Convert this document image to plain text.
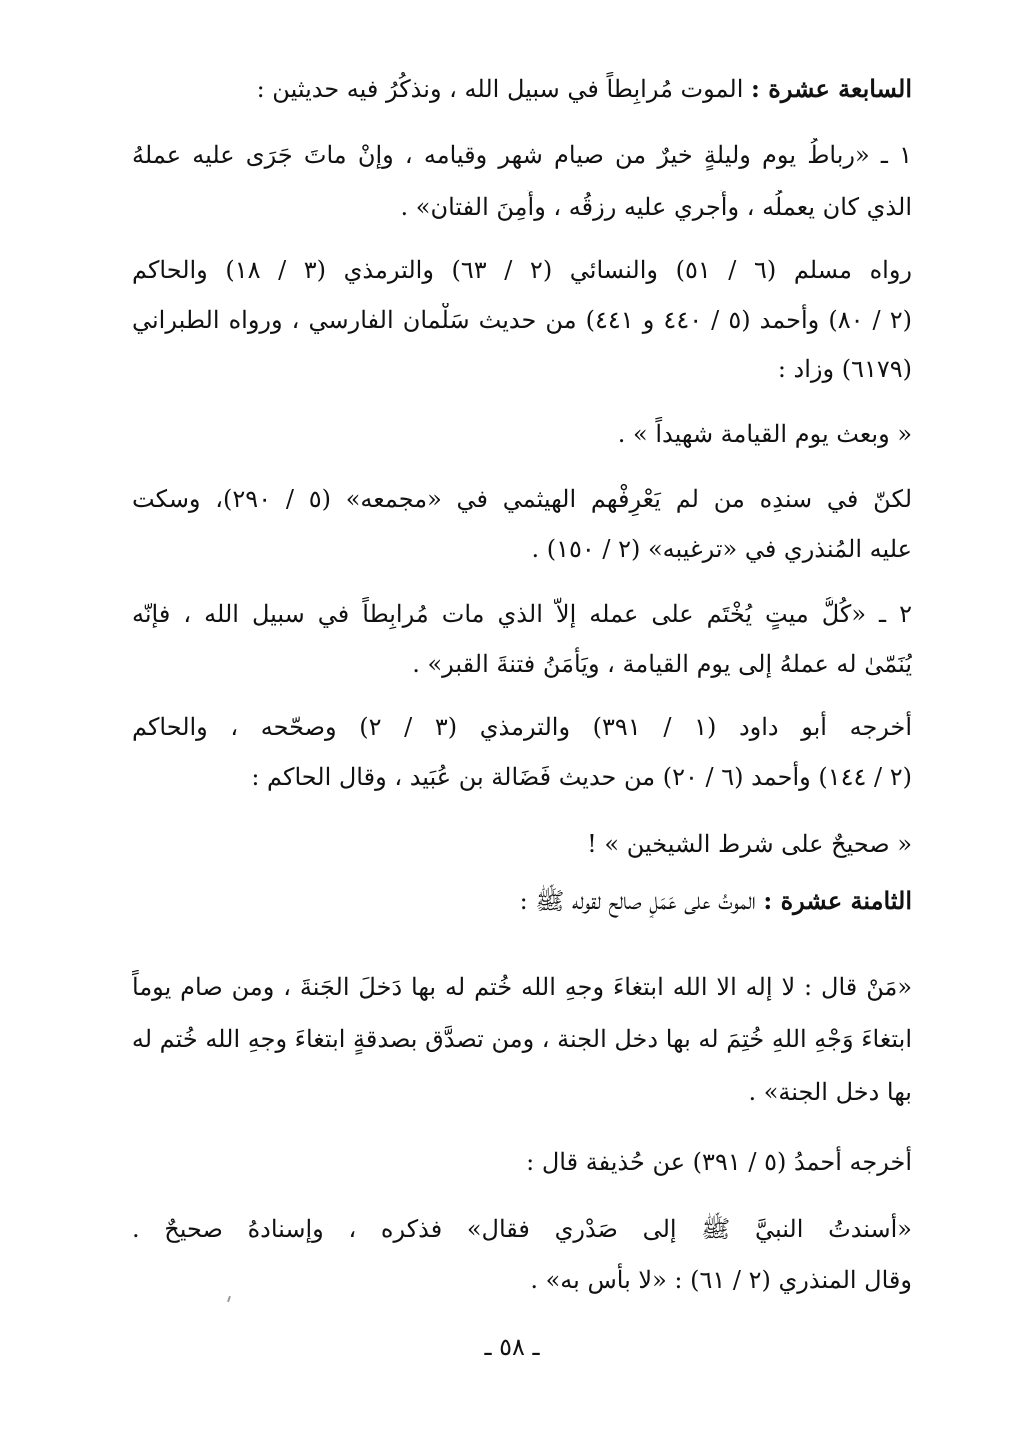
السابعة عشرة : الموت مُرابِطاً في سبيل الله ، ونذكُرُ فيه حديثين :
١ ـ «رباطُ يوم وليلةٍ خيرٌ من صيام شهر وقيامه ، وإنْ ماتَ جَرَى عليه عملهُ
الذي كان يعملُه ، وأُجري عليه رزقُه ، وأَمِنَ الفتان» .
رواه مسلم (٦ / ٥١) والنسائي (٢ / ٦٣) والترمذي (٣ / ١٨) والحاكم
(٢ / ٨٠) وأحمد (٥ / ٤٤٠ و ٤٤١) من حديث سَلْمان الفارسي ، ورواه الطبراني
(٦١٧٩) وزاد :
« وبعث يوم القيامة شهيداً » .
لكنّ في سندِه من لم يَعْرِفْهم الهيثمي في «مجمعه» (٥ / ٢٩٠)، وسكت
عليه المُنذري في «ترغيبه» (٢ / ١٥٠) .
٢ ـ «كُلُّ ميتٍ يُخْتَم على عمله إلاّ الذي مات مُرابِطاً في سبيل الله ، فإنّه
يُنَمّىٰ له عملهُ إلى يوم القيامة ، ويَأْمَنُ فتنةَ القبر» .
أخرجه أبو داود (١ / ٣٩١) والترمذي (٣ / ٢) وصحّحه ، والحاكم
(٢ / ١٤٤) وأحمد (٦ / ٢٠) من حديث فَضَالة بن عُبَيد ، وقال الحاكم :
« صحيحٌ على شرط الشيخين » !
الثامنة عشرة : الموتُ على عَمَلٍ صالحٍ لقوله ﷺ :
«مَنْ قال : لا إله الا الله ابتغاءَ وجهِ الله خُتم له بها دَخلَ الجَنةَ ، ومن صام يوماً
ابتغاءَ وَجْهِ اللهِ خُتِمَ له بها دخل الجنة ، ومن تصدَّق بصدقةٍ ابتغاءَ وجهِ الله خُتم له
بها دخل الجنة» .
أخرجه أحمدُ (٥ / ٣٩١) عن حُذيفة قال :
«أسندتُ النبيَّ ﷺ إلى صَدْري فقال» فذكره ، وإسنادهُ صحيحٌ .
وقال المنذري (٢ / ٦١) : «لا بأس به» .
ـ ٥٨ ـ
